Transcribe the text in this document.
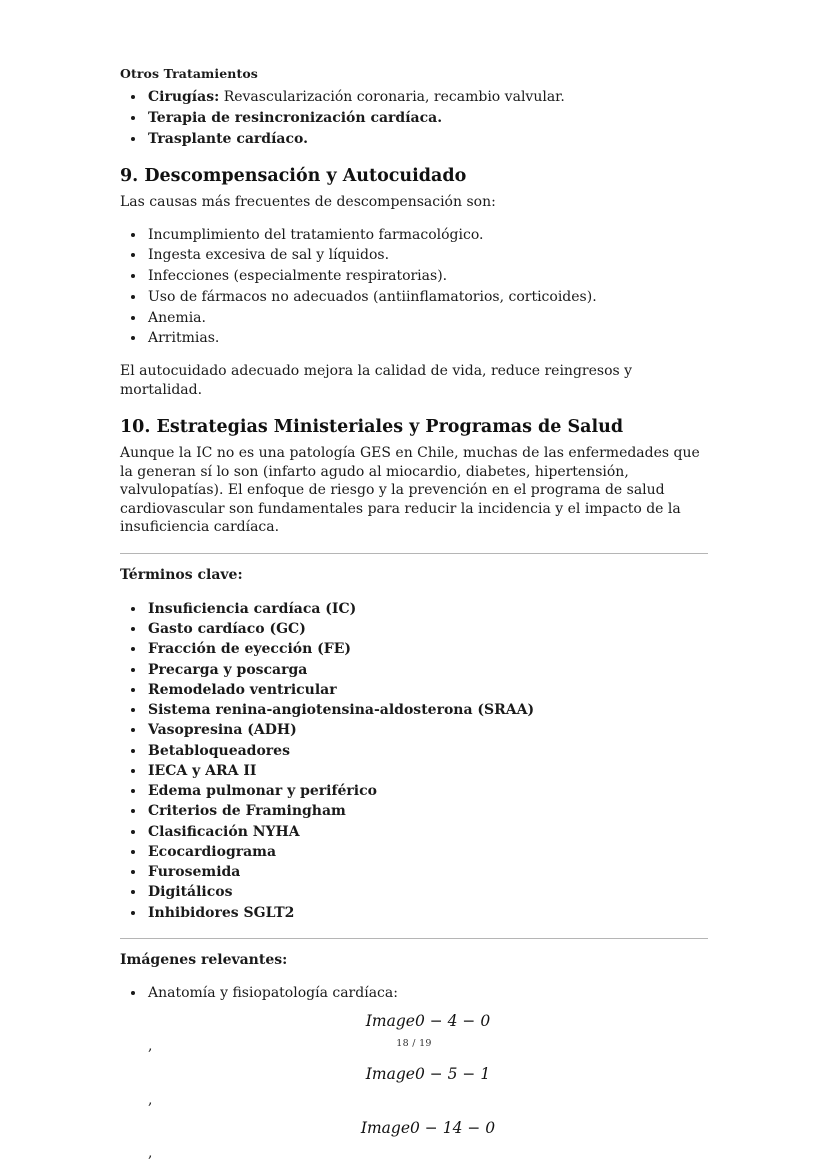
Otros Tratamientos
• Cirugías: Revascularización coronaria, recambio valvular.
• Terapia de resincronización cardíaca.
• Trasplante cardíaco.
9. Descompensación y Autocuidado

Las causas más frecuentes de descompensación son:

• Incumplimiento del tratamiento farmacológico.
• Ingesta excesiva de sal y líquidos.
• Infecciones (especialmente respiratorias).
• Uso de fármacos no adecuados (antiinflamatorios, corticoides).
• Anemia.
• Arritmias.

El autocuidado adecuado mejora la calidad de vida, reduce reingresos y mortalidad.

10. Estrategias Ministeriales y Programas de Salud

Aunque la IC no es una patología GES en Chile, muchas de las enfermedades que la generan sí lo son (infarto agudo al miocardio, diabetes, hipertensión, valvulopatías). El enfoque de riesgo y la prevención en el programa de salud cardiovascular son fundamentales para reducir la incidencia y el impacto de la insuficiencia cardíaca.

Términos clave:
• Insuficiencia cardíaca (IC)
• Gasto cardíaco (GC)
• Fracción de eyección (FE)
• Precarga y poscarga
• Remodelado ventricular
• Sistema renina-angiotensina-aldosterona (SRAA)
• Vasopresina (ADH)
• Betabloqueadores
• IECA y ARA II
• Edema pulmonar y periférico
• Criterios de Framingham
• Clasificación NYHA
• Ecocardiograma
• Furosemida
• Digitálicos
• Inhibidores SGLT2
Imágenes relevantes:
• Anatomía y fisiopatología cardíaca:
Image0 − 4 − 0
,
Image0 − 5 − 1
,
Image0 − 14 − 0
,
18 / 19
